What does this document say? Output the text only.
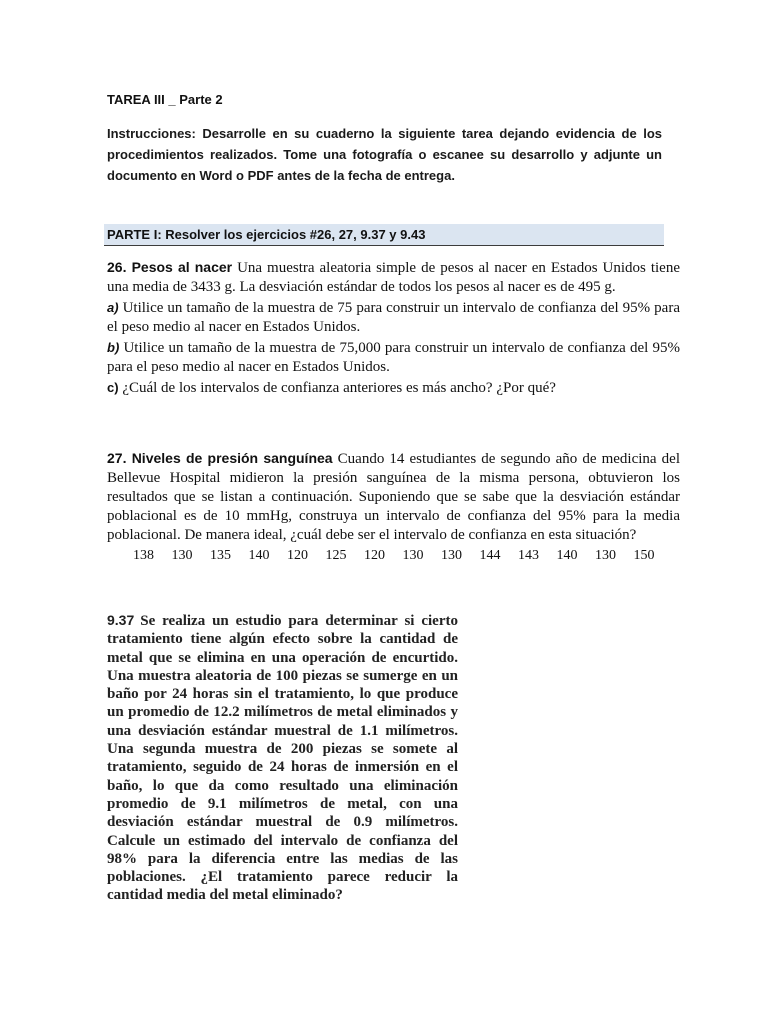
TAREA III _ Parte 2
Instrucciones: Desarrolle en su cuaderno la siguiente tarea dejando evidencia de los procedimientos realizados. Tome una fotografía o escanee su desarrollo y adjunte un documento en Word o PDF antes de la fecha de entrega.
PARTE I: Resolver los ejercicios #26, 27, 9.37 y 9.43

26. Pesos al nacer Una muestra aleatoria simple de pesos al nacer en Estados Unidos tiene una media de 3433 g. La desviación estándar de todos los pesos al nacer es de 495 g.

a) Utilice un tamaño de la muestra de 75 para construir un intervalo de confianza del 95% para el peso medio al nacer en Estados Unidos.

b) Utilice un tamaño de la muestra de 75,000 para construir un intervalo de confianza del 95% para el peso medio al nacer en Estados Unidos.

c) ¿Cuál de los intervalos de confianza anteriores es más ancho? ¿Por qué?

27. Niveles de presión sanguínea Cuando 14 estudiantes de segundo año de medicina del Bellevue Hospital midieron la presión sanguínea de la misma persona, obtuvieron los resultados que se listan a continuación. Suponiendo que se sabe que la desviación estándar poblacional es de 10 mmHg, construya un intervalo de confianza del 95% para la media poblacional. De manera ideal, ¿cuál debe ser el intervalo de confianza en esta situación?

138	130	135	140	120	125	120	130	130	144	143	140	130	150
9.37 Se realiza un estudio para determinar si cierto tratamiento tiene algún efecto sobre la cantidad de metal que se elimina en una operación de encurtido. Una muestra aleatoria de 100 piezas se sumerge en un baño por 24 horas sin el tratamiento, lo que produce un promedio de 12.2 milímetros de metal eliminados y una desviación estándar muestral de 1.1 milímetros. Una segunda muestra de 200 piezas se somete al tratamiento, seguido de 24 horas de inmersión en el baño, lo que da como resultado una eliminación promedio de 9.1 milímetros de metal, con una desviación estándar muestral de 0.9 milímetros. Calcule un estimado del intervalo de confianza del 98% para la diferencia entre las medias de las poblaciones. ¿El tratamiento parece reducir la cantidad media del metal eliminado?
